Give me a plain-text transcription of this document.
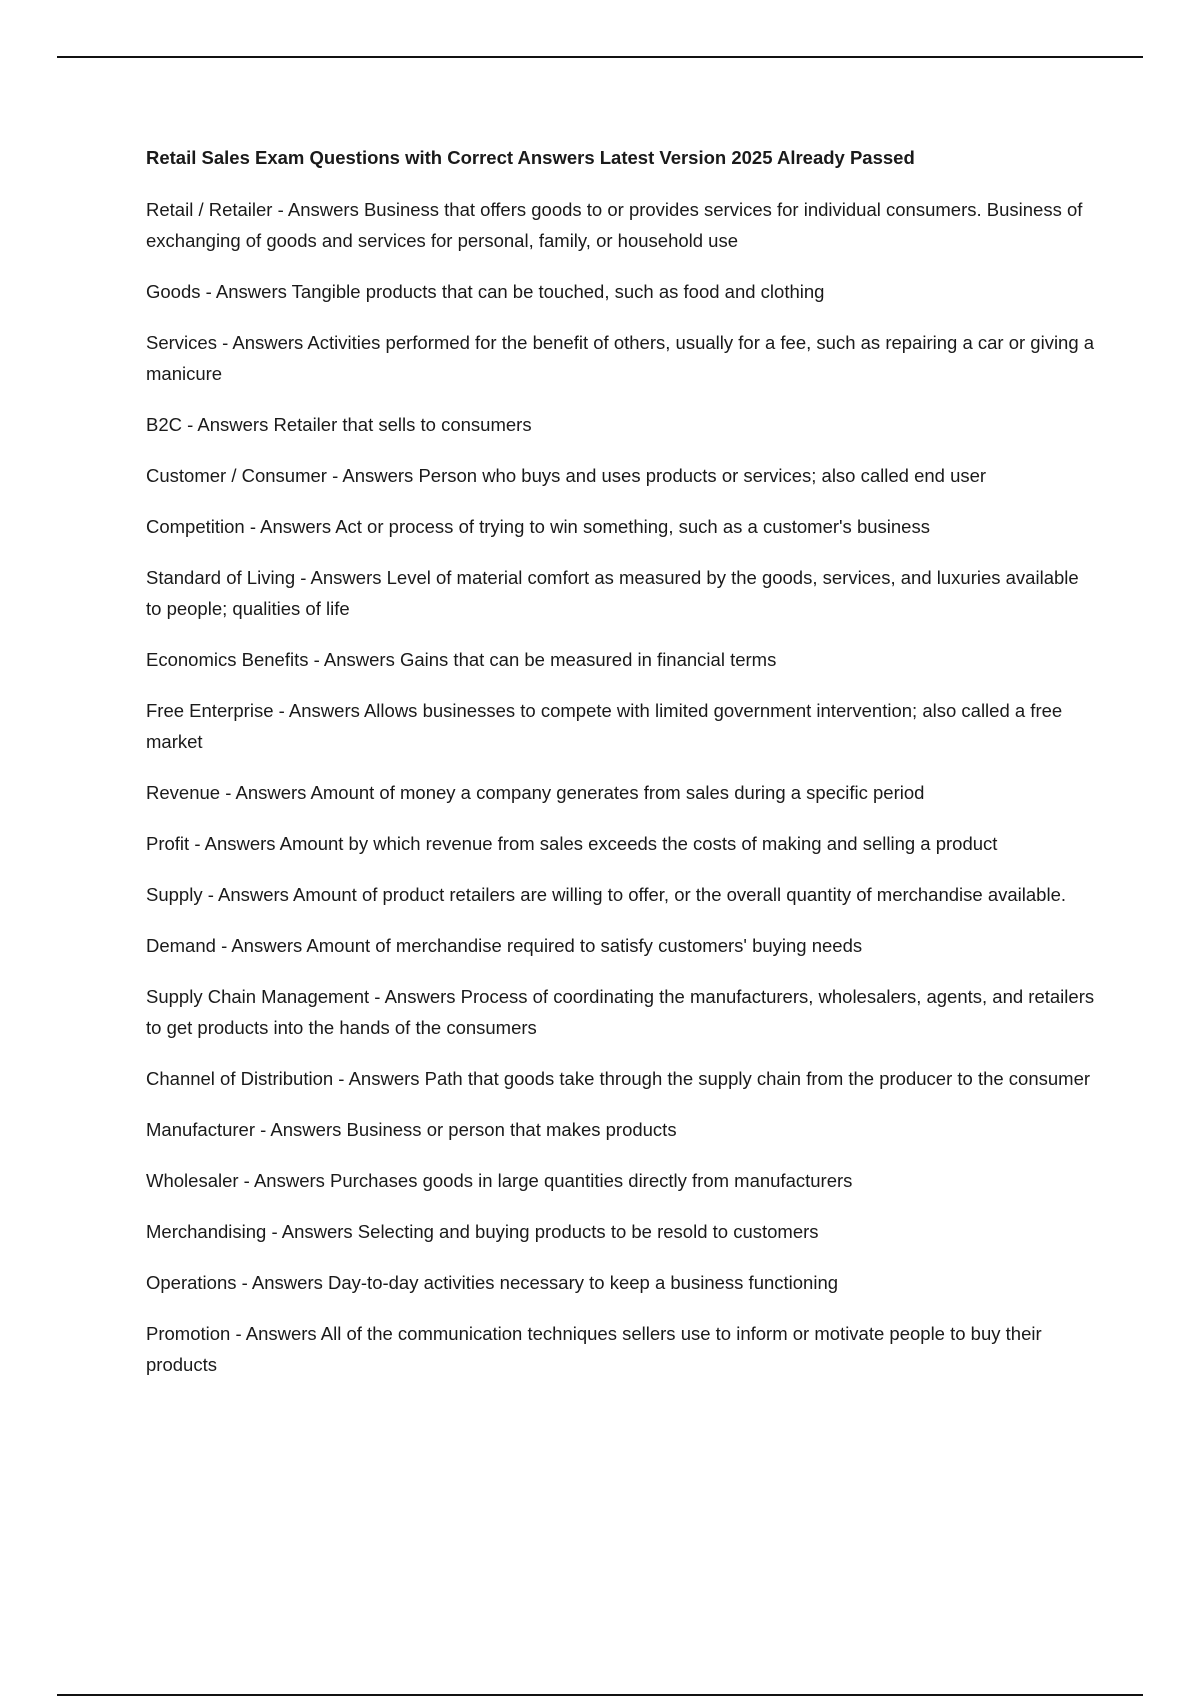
Retail Sales Exam Questions with Correct Answers Latest Version 2025 Already Passed

Retail / Retailer - Answers Business that offers goods to or provides services for individual consumers. Business of exchanging of goods and services for personal, family, or household use

Goods - Answers Tangible products that can be touched, such as food and clothing

Services - Answers Activities performed for the benefit of others, usually for a fee, such as repairing a car or giving a manicure

B2C - Answers Retailer that sells to consumers

Customer / Consumer - Answers Person who buys and uses products or services; also called end user

Competition - Answers Act or process of trying to win something, such as a customer's business

Standard of Living - Answers Level of material comfort as measured by the goods, services, and luxuries available to people; qualities of life

Economics Benefits - Answers Gains that can be measured in financial terms

Free Enterprise - Answers Allows businesses to compete with limited government intervention; also called a free market

Revenue - Answers Amount of money a company generates from sales during a specific period

Profit - Answers Amount by which revenue from sales exceeds the costs of making and selling a product

Supply - Answers Amount of product retailers are willing to offer, or the overall quantity of merchandise available.

Demand - Answers Amount of merchandise required to satisfy customers' buying needs

Supply Chain Management - Answers Process of coordinating the manufacturers, wholesalers, agents, and retailers to get products into the hands of the consumers

Channel of Distribution - Answers Path that goods take through the supply chain from the producer to the consumer

Manufacturer - Answers Business or person that makes products

Wholesaler - Answers Purchases goods in large quantities directly from manufacturers

Merchandising - Answers Selecting and buying products to be resold to customers

Operations - Answers Day-to-day activities necessary to keep a business functioning

Promotion - Answers All of the communication techniques sellers use to inform or motivate people to buy their products
